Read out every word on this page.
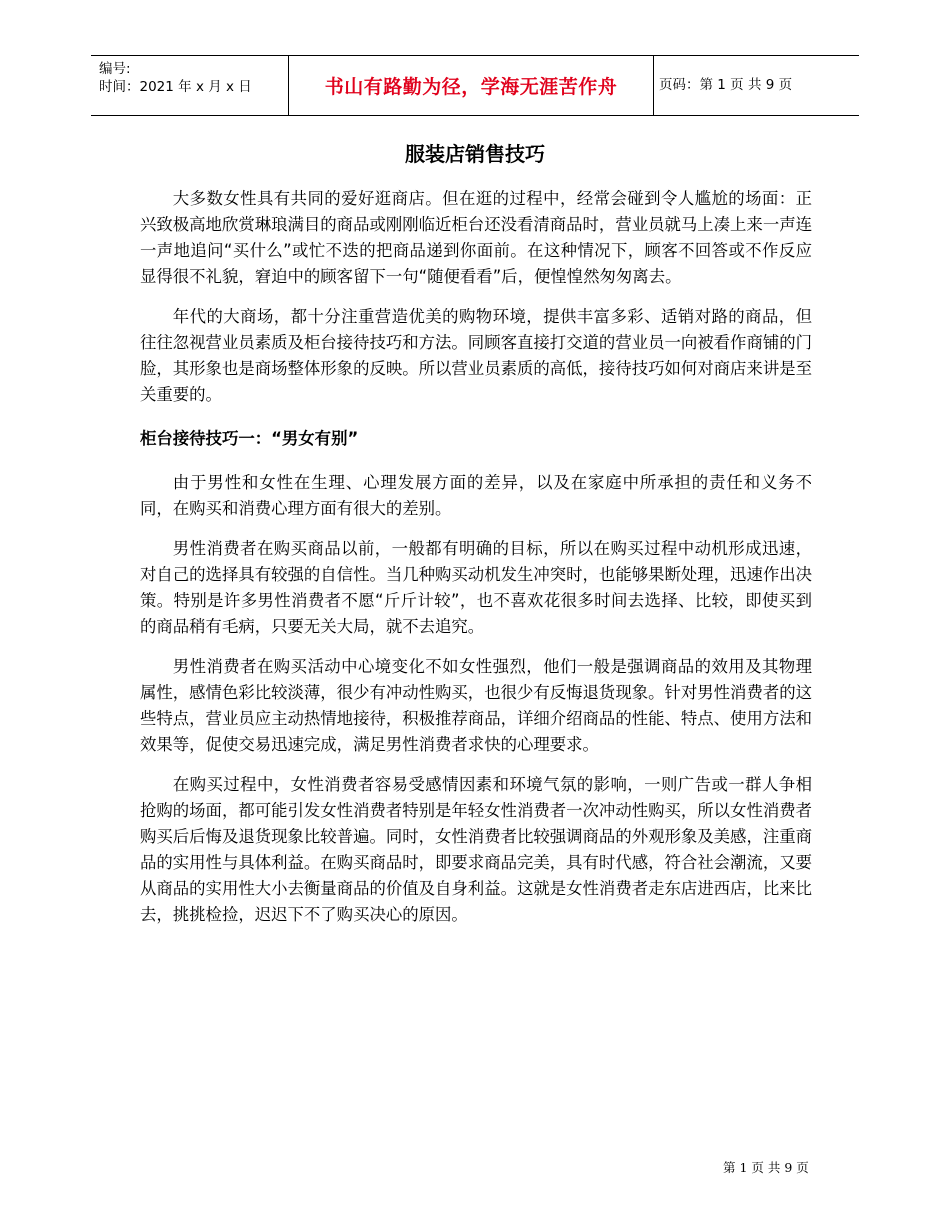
编号:
时间：2021 年 x 月 x 日	书山有路勤为径，学海无涯苦作舟	页码：第 1 页 共 9 页
服装店销售技巧

大多数女性具有共同的爱好逛商店。但在逛的过程中，经常会碰到令人尴尬的场面：正兴致极高地欣赏琳琅满目的商品或刚刚临近柜台还没看清商品时，营业员就马上凑上来一声连一声地追问“买什么”或忙不迭的把商品递到你面前。在这种情况下，顾客不回答或不作反应显得很不礼貌，窘迫中的顾客留下一句“随便看看”后，便惶惶然匆匆离去。

年代的大商场，都十分注重营造优美的购物环境，提供丰富多彩、适销对路的商品，但往往忽视营业员素质及柜台接待技巧和方法。同顾客直接打交道的营业员一向被看作商铺的门脸，其形象也是商场整体形象的反映。所以营业员素质的高低，接待技巧如何对商店来讲是至关重要的。

柜台接待技巧一：“男女有别”

由于男性和女性在生理、心理发展方面的差异，以及在家庭中所承担的责任和义务不同，在购买和消费心理方面有很大的差别。

男性消费者在购买商品以前，一般都有明确的目标，所以在购买过程中动机形成迅速，对自己的选择具有较强的自信性。当几种购买动机发生冲突时，也能够果断处理，迅速作出决策。特别是许多男性消费者不愿“斤斤计较”，也不喜欢花很多时间去选择、比较，即使买到的商品稍有毛病，只要无关大局，就不去追究。

男性消费者在购买活动中心境变化不如女性强烈，他们一般是强调商品的效用及其物理属性，感情色彩比较淡薄，很少有冲动性购买，也很少有反悔退货现象。针对男性消费者的这些特点，营业员应主动热情地接待，积极推荐商品，详细介绍商品的性能、特点、使用方法和效果等，促使交易迅速完成，满足男性消费者求快的心理要求。

在购买过程中，女性消费者容易受感情因素和环境气氛的影响，一则广告或一群人争相抢购的场面，都可能引发女性消费者特别是年轻女性消费者一次冲动性购买，所以女性消费者购买后后悔及退货现象比较普遍。同时，女性消费者比较强调商品的外观形象及美感，注重商品的实用性与具体利益。在购买商品时，即要求商品完美，具有时代感，符合社会潮流，又要从商品的实用性大小去衡量商品的价值及自身利益。这就是女性消费者走东店进西店，比来比去，挑挑检捡，迟迟下不了购买决心的原因。

第 1 页 共 9 页
